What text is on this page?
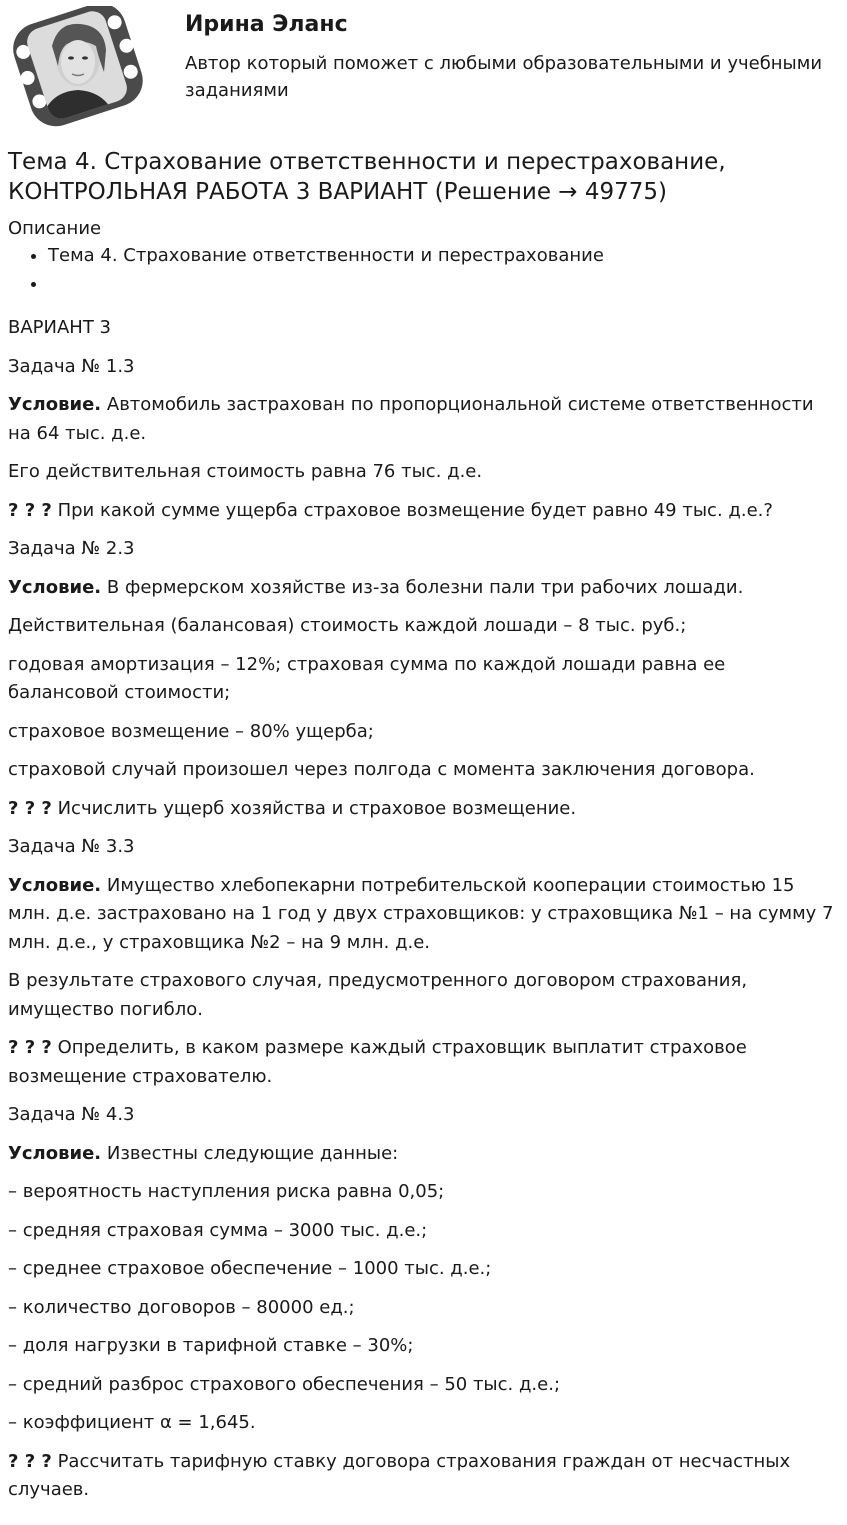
Ирина Эланс
Автор который поможет с любыми образовательными и учебными заданиями
Тема 4. Страхование ответственности и перестрахование, КОНТРОЛЬНАЯ РАБОТА 3 ВАРИАНТ (Решение → 49775)
Описание
• Тема 4. Страхование ответственности и перестрахование
•
ВАРИАНТ 3
Задача № 1.3
Условие. Автомобиль застрахован по пропорциональной системе ответственности на 64 тыс. д.е.
Его действительная стоимость равна 76 тыс. д.е.
? ? ? При какой сумме ущерба страховое возмещение будет равно 49 тыс. д.е.?
Задача № 2.3
Условие. В фермерском хозяйстве из-за болезни пали три рабочих лошади.
Действительная (балансовая) стоимость каждой лошади – 8 тыс. руб.;
годовая амортизация – 12%; страховая сумма по каждой лошади равна ее балансовой стоимости;
страховое возмещение – 80% ущерба;
страховой случай произошел через полгода с момента заключения договора.
? ? ? Исчислить ущерб хозяйства и страховое возмещение.
Задача № 3.3
Условие. Имущество хлебопекарни потребительской кооперации стоимостью 15 млн. д.е. застраховано на 1 год у двух страховщиков: у страховщика №1 – на сумму 7 млн. д.е., у страховщика №2 – на 9 млн. д.е.
В результате страхового случая, предусмотренного договором страхования, имущество погибло.
? ? ? Определить, в каком размере каждый страховщик выплатит страховое возмещение страхователю.
Задача № 4.3
Условие. Известны следующие данные:
– вероятность наступления риска равна 0,05;
– средняя страховая сумма – 3000 тыс. д.е.;
– среднее страховое обеспечение – 1000 тыс. д.е.;
– количество договоров – 80000 ед.;
– доля нагрузки в тарифной ставке – 30%;
– средний разброс страхового обеспечения – 50 тыс. д.е.;
– коэффициент α = 1,645.
? ? ? Рассчитать тарифную ставку договора страхования граждан от несчастных случаев.
